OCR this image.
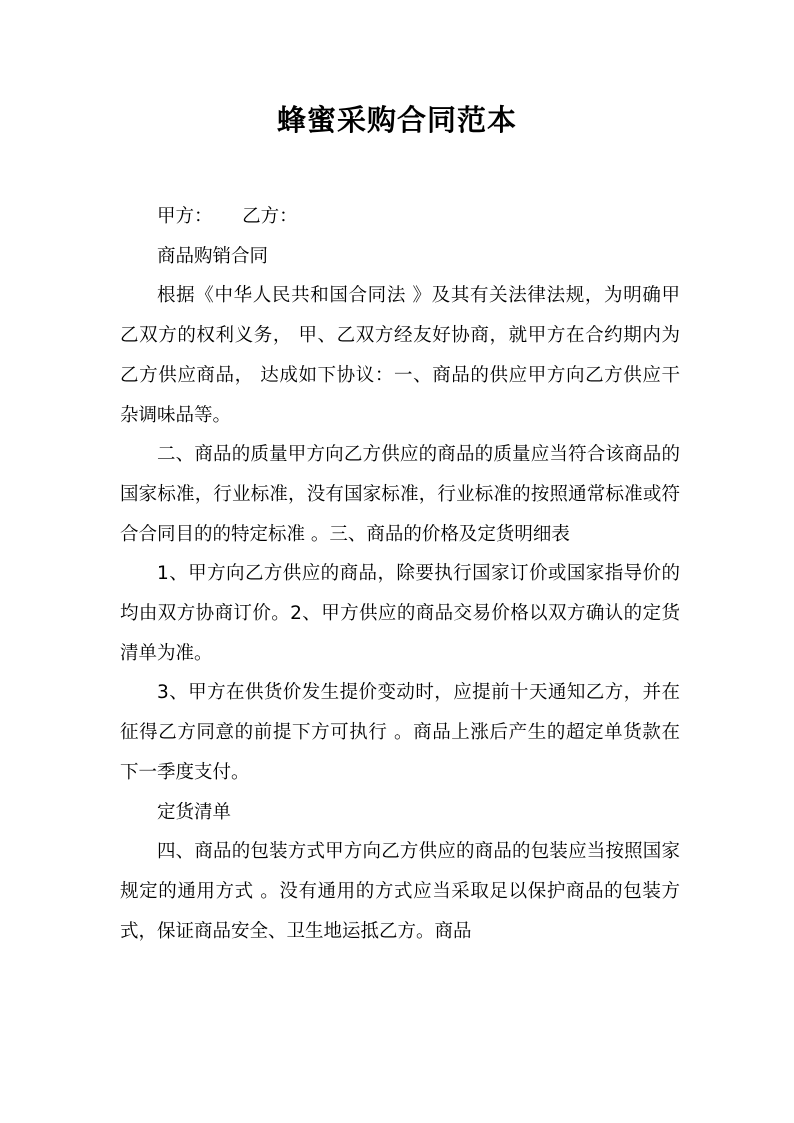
蜂蜜采购合同范本

甲方： 乙方：

商品购销合同

根据《中华人民共和国合同法 》及其有关法律法规，为明确甲乙双方的权利义务， 甲、乙双方经友好协商，就甲方在合约期内为乙方供应商品， 达成如下协议：一、商品的供应甲方向乙方供应干杂调味品等。

二、商品的质量甲方向乙方供应的商品的质量应当符合该商品的国家标准，行业标准，没有国家标准，行业标准的按照通常标准或符合合同目的的特定标准 。三、商品的价格及定货明细表

1、甲方向乙方供应的商品，除要执行国家订价或国家指导价的均由双方协商订价。2、甲方供应的商品交易价格以双方确认的定货清单为准。

3、甲方在供货价发生提价变动时，应提前十天通知乙方，并在征得乙方同意的前提下方可执行 。商品上涨后产生的超定单货款在下一季度支付。

定货清单

四、商品的包装方式甲方向乙方供应的商品的包装应当按照国家规定的通用方式 。没有通用的方式应当采取足以保护商品的包装方式，保证商品安全、卫生地运抵乙方。商品
